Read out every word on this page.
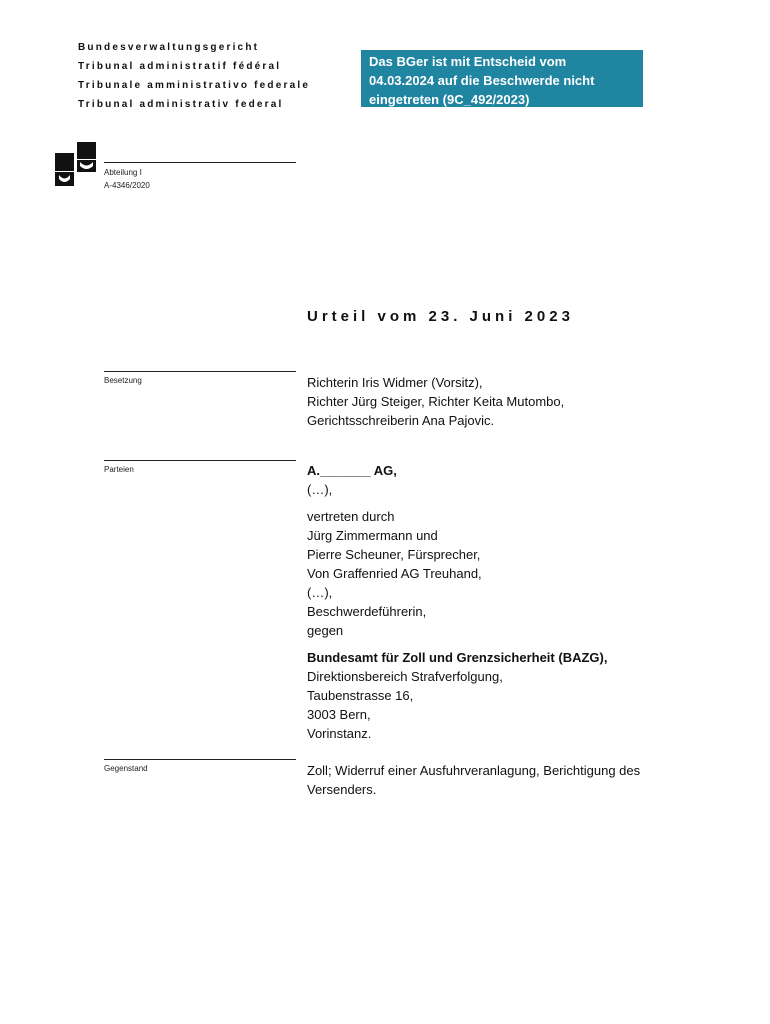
Bundesverwaltungsgericht
Tribunal administratif fédéral
Tribunale amministrativo federale
Tribunal administrativ federal
Das BGer ist mit Entscheid vom
04.03.2024 auf die Beschwerde nicht
eingetreten (9C_492/2023)
Abteilung I
A-4346/2020
Urteil vom 23. Juni 2023
Besetzung	Richterin Iris Widmer (Vorsitz),
Richter Jürg Steiger, Richter Keita Mutombo,
Gerichtsschreiberin Ana Pajovic.
Parteien	A._______ AG,
(…),
vertreten durch
Jürg Zimmermann und
Pierre Scheuner, Fürsprecher,
Von Graffenried AG Treuhand,
(…),
Beschwerdeführerin,
gegen
Bundesamt für Zoll und Grenzsicherheit (BAZG),
Direktionsbereich Strafverfolgung,
Taubenstrasse 16,
3003 Bern,
Vorinstanz.
Gegenstand	Zoll; Widerruf einer Ausfuhrveranlagung, Berichtigung des
Versenders.
